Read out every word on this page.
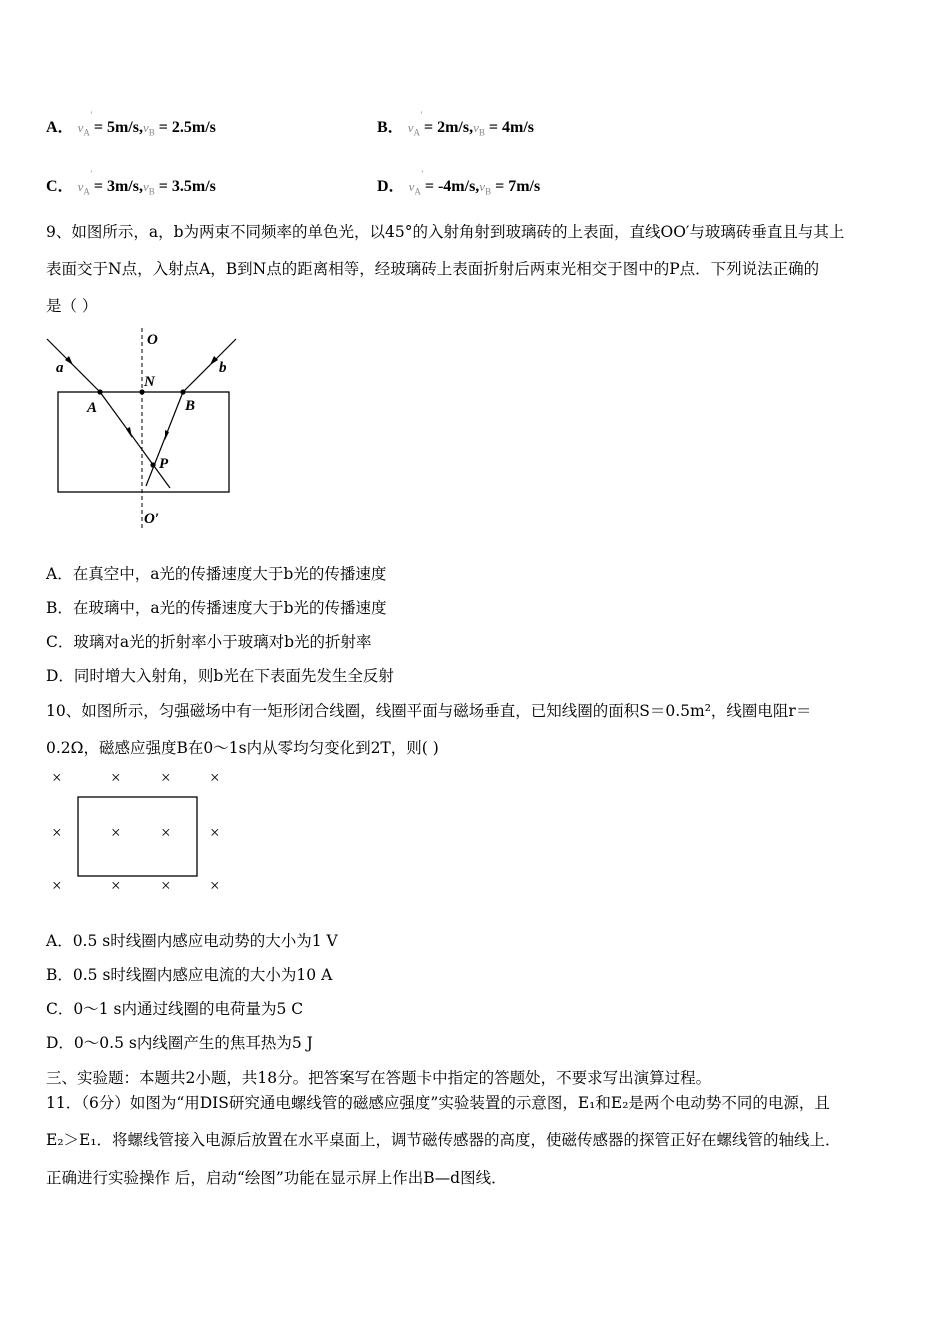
A． $v_A$
′
= $5m/s,v_B = 2.5m/s$	B． $v_A$
′
= $2m/s,v_B = 4m/s$
C． $v_A$
′
= $3m/s,v_B = 3.5m/s$	D． $v_A$
′
= $-4m/s,v_B = 7m/s$
9、如图所示，a，b为两束不同频率的单色光，以45°的入射角射到玻璃砖的上表面，直线OO′与玻璃砖垂直且与其上
表面交于N点，入射点A，B到N点的距离相等，经玻璃砖上表面折射后两束光相交于图中的P点．下列说法正确的
是（ ）
O
a
N
b
A	B
P
O′
A．在真空中，a光的传播速度大于b光的传播速度
B．在玻璃中，a光的传播速度大于b光的传播速度
C．玻璃对a光的折射率小于玻璃对b光的折射率
D．同时增大入射角，则b光在下表面先发生全反射
10、如图所示，匀强磁场中有一矩形闭合线圈，线圈平面与磁场垂直，已知线圈的面积S＝0.5m²，线圈电阻r＝
0.2Ω，磁感应强度B在0～1s内从零均匀变化到2T，则( )
×	× × ×
×	× × ×
×	× × ×
A．0.5 s时线圈内感应电动势的大小为1 V
B．0.5 s时线圈内感应电流的大小为10 A
C．0～1 s内通过线圈的电荷量为5 C
D．0～0.5 s内线圈产生的焦耳热为5 J
三、实验题：本题共2小题，共18分。把答案写在答题卡中指定的答题处，不要求写出演算过程。
11．（6分）如图为“用DIS研究通电螺线管的磁感应强度”实验装置的示意图，E₁和E₂是两个电动势不同的电源，且
E₂＞E₁．将螺线管接入电源后放置在水平桌面上，调节磁传感器的高度，使磁传感器的探管正好在螺线管的轴线上．
正确进行实验操作 后，启动“绘图”功能在显示屏上作出B—d图线．
